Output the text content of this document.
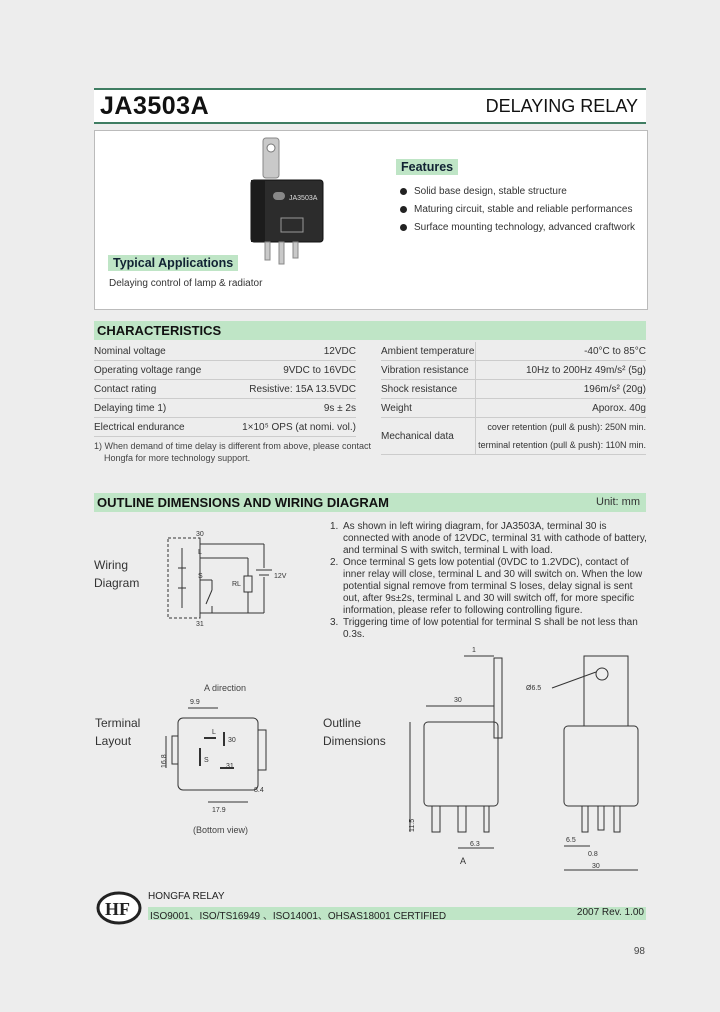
JA3503A	DELAYING RELAY
JA3503A
Features
Solid base design, stable structure
Maturing circuit, stable and reliable performances
Surface mounting technology, advanced craftwork
Typical Applications
Delaying control of lamp & radiator
CHARACTERISTICS
Nominal voltage	12VDC
Operating voltage range	9VDC to 16VDC
Contact rating	Resistive: 15A 13.5VDC
Delaying time 1)	9s ± 2s
Electrical endurance	1×10⁵ OPS (at nomi. vol.)
Ambient temperature	-40°C to 85°C
Vibration resistance	10Hz to 200Hz 49m/s² (5g)
Shock resistance	196m/s² (20g)
Weight	Aporox. 40g
Mechanical data	cover retention (pull & push): 250N min.
terminal retention (pull & push): 110N min.
1) When demand of time delay is different from above, please contact
Hongfa for more technology support.
OUTLINE DIMENSIONS AND WIRING DIAGRAM	Unit: mm
1. As shown in left wiring diagram, for JA3503A, terminal 30 is connected with anode of 12VDC, terminal 31 with cathode of battery, and terminal S with switch, terminal L with load.
2. Once terminal S gets low potential (0VDC to 1.2VDC), contact of inner relay will close, terminal L and 30 will switch on. When the low potential signal remove from terminal S loses, delay signal is sent out, after 9s±2s, terminal L and 30 will switch off, for more specific information, please refer to following controlling figure.
3. Triggering time of low potential for terminal S shall be not less than 0.3s.
Wiring
Diagram
30
L
S
31
RL
12V
A direction
Terminal
Layout
9.9
30
S
31
L
16.8
17.9
8.4
(Bottom view)
Outline
Dimensions
1
30
11.5
6.3
A
Ø6.5
6.5
0.8
30
HF
HONGFA RELAY
ISO9001、ISO/TS16949 、ISO14001、OHSAS18001 CERTIFIED	2007 Rev. 1.00
98
